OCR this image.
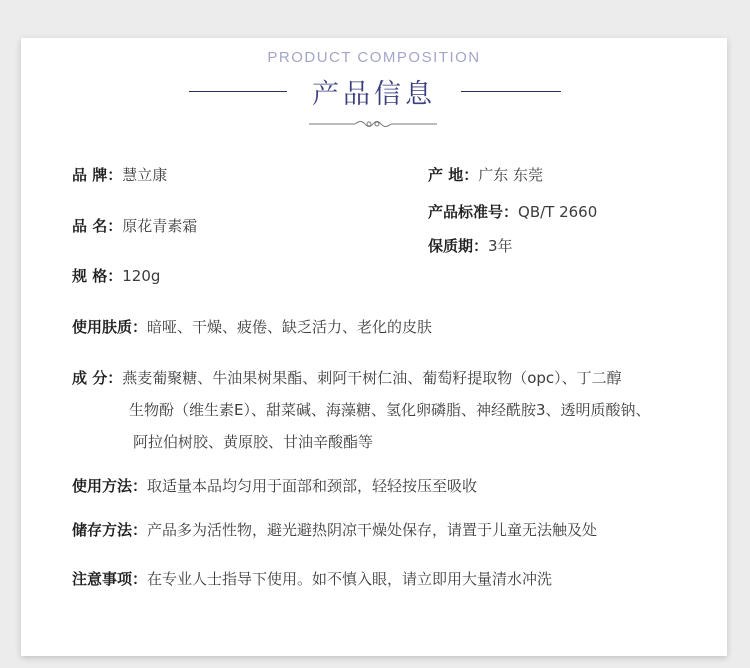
PRODUCT COMPOSITION
产品信息
品 牌：慧立康	产 地：广东 东莞
品 名：原花青素霜
产品标准号：QB/T 2660
保质期：3年
规 格：120g
使用肤质：暗哑、干燥、疲倦、缺乏活力、老化的皮肤
成 分：燕麦葡聚糖、牛油果树果酯、刺阿干树仁油、葡萄籽提取物（opc）、丁二醇
生物酚（维生素E）、甜菜碱、海藻糖、氢化卵磷脂、神经酰胺3、透明质酸钠、
阿拉伯树胶、黄原胶、甘油辛酸酯等
使用方法：取适量本品均匀用于面部和颈部，轻轻按压至吸收
储存方法：产品多为活性物，避光避热阴凉干燥处保存，请置于儿童无法触及处
注意事项：在专业人士指导下使用。如不慎入眼，请立即用大量清水冲洗
